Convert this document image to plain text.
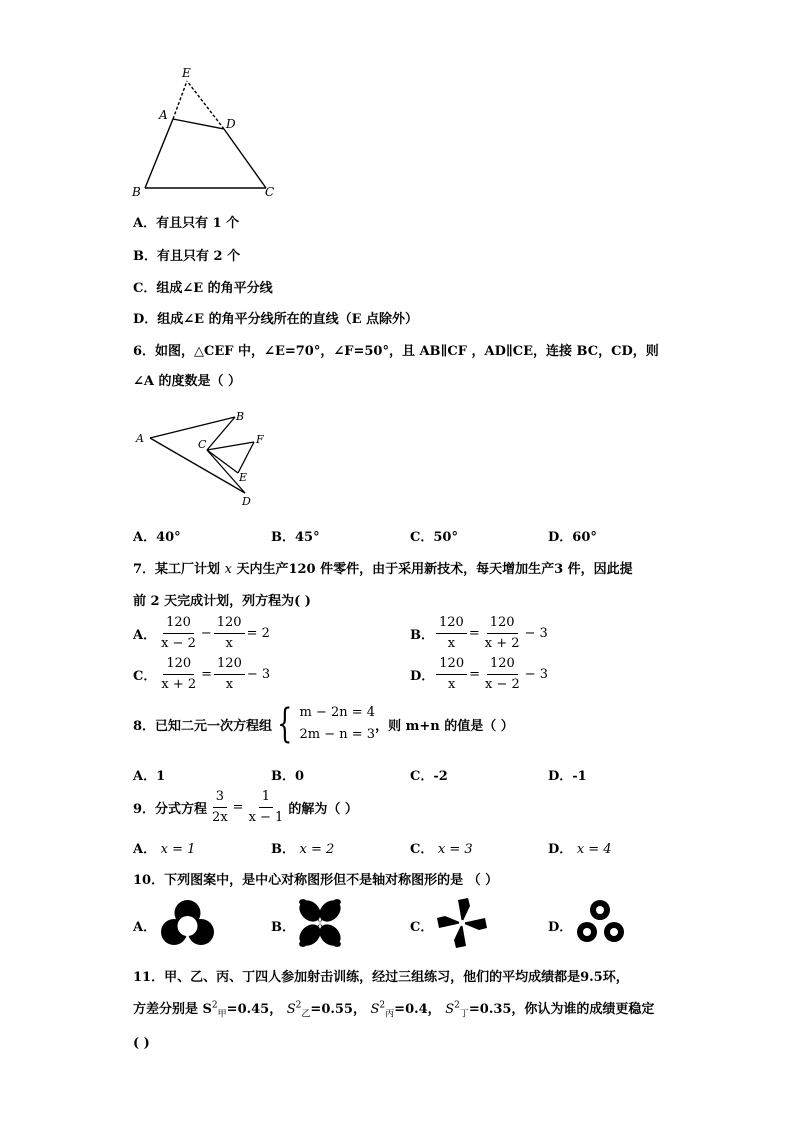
E
A
D
B	C
A．有且只有 1 个
B．有且只有 2 个
C．组成∠E 的角平分线
D．组成∠E 的角平分线所在的直线（E 点除外）
6．如图，△CEF 中，∠E=70°，∠F=50°，且 AB∥CF ，AD∥CE，连接 BC，CD，则
∠A 的度数是（ ）
A
B
C	F
E
D
A．40°	B．45°	C．50°	D．60°
7．某工厂计划 x 天内生产120 件零件，由于采用新技术，每天增加生产3 件，因此提
前 2 天完成计划，列方程为( )
A． $\frac{120}{x - 2} - \frac{120}{x} = 2$	B． $\frac{120}{x} = \frac{120}{x + 2} - 3$
C． $\frac{120}{x + 2} = \frac{120}{x} - 3$	D． $\frac{120}{x} = \frac{120}{x - 2} - 3$
8．已知二元一次方程组 { m − 2n = 4
2m − n = 3
，则 m+n 的值是（ ）
A．1	B．0	C．-2	D．-1
9．分式方程 $\frac{3}{2x} = \frac{1}{x - 1}$ 的解为（ ）
A． x = 1	B． x = 2	C． x = 3	D． x = 4
10．下列图案中，是中心对称图形但不是轴对称图形的是 （ ）
A．	B．	C．	D．
11．甲、乙、丙、丁四人参加射击训练，经过三组练习，他们的平均成绩都是9.5环，
方差分别是 $S^2_甲=0.45$， $S^2_乙=0.55$， $S^2_丙=0.4$， $S^2_丁=0.35$，你认为谁的成绩更稳定
( )
